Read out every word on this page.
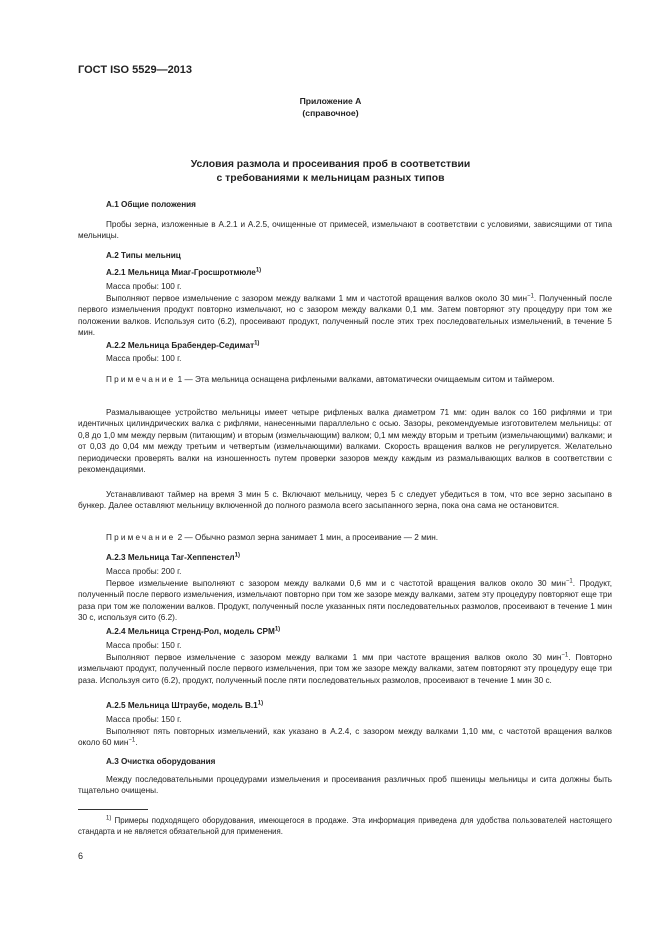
ГОСТ ISO 5529—2013
Приложение А
(справочное)
Условия размола и просеивания проб в соответствии
с требованиями к мельницам разных типов
А.1 Общие положения
Пробы зерна, изложенные в А.2.1 и А.2.5, очищенные от примесей, измельчают в соответствии с условиями, зависящими от типа мельницы.
А.2 Типы мельниц
А.2.1 Мельница Миаг-Гросшротмюле$^{1)}$
Масса пробы: 100 г.
Выполняют первое измельчение с зазором между валками 1 мм и частотой вращения валков около 30 мин$^{-1}$. Полученный после первого измельчения продукт повторно измельчают, но с зазором между валками 0,1 мм. Затем повторяют эту процедуру при том же положении валков. Используя сито (6.2), просеивают продукт, полученный после этих трех последовательных измельчений, в течение 5 мин.
А.2.2 Мельница Брабендер-Седимат$^{1)}$
Масса пробы: 100 г.
Примечание 1 — Эта мельница оснащена рифлеными валками, автоматически очищаемым ситом и таймером.
Размалывающее устройство мельницы имеет четыре рифленых валка диаметром 71 мм: один валок со 160 рифлями и три идентичных цилиндрических валка с рифлями, нанесенными параллельно с осью. Зазоры, рекомендуемые изготовителем мельницы: от 0,8 до 1,0 мм между первым (питающим) и вторым (измельчающим) валком; 0,1 мм между вторым и третьим (измельчающими) валками; и от 0,03 до 0,04 мм между третьим и четвертым (измельчающими) валками. Скорость вращения валков не регулируется. Желательно периодически проверять валки на изношенность путем проверки зазоров между каждым из размалывающих валков в соответствии с рекомендациями.
Устанавливают таймер на время 3 мин 5 с. Включают мельницу, через 5 с следует убедиться в том, что все зерно засыпано в бункер. Далее оставляют мельницу включенной до полного размола всего засыпанного зерна, пока она сама не остановится.
Примечание 2 — Обычно размол зерна занимает 1 мин, а просеивание — 2 мин.
А.2.3 Мельница Таг-Хеппенстел$^{1)}$
Масса пробы: 200 г.
Первое измельчение выполняют с зазором между валками 0,6 мм и с частотой вращения валков около 30 мин$^{-1}$. Продукт, полученный после первого измельчения, измельчают повторно при том же зазоре между валками, затем эту процедуру повторяют еще три раза при том же положении валков. Продукт, полученный после указанных пяти последовательных размолов, просеивают в течение 1 мин 30 с, используя сито (6.2).
А.2.4 Мельница Стренд-Рол, модель CPM$^{1)}$
Масса пробы: 150 г.
Выполняют первое измельчение с зазором между валками 1 мм при частоте вращения валков около 30 мин$^{-1}$. Повторно измельчают продукт, полученный после первого измельчения, при том же зазоре между валками, затем повторяют эту процедуру еще три раза. Используя сито (6.2), продукт, полученный после пяти последовательных размолов, просеивают в течение 1 мин 30 с.
А.2.5 Мельница Штраубе, модель В.1$^{1)}$
Масса пробы: 150 г.
Выполняют пять повторных измельчений, как указано в А.2.4, с зазором между валками 1,10 мм, с частотой вращения валков около 60 мин$^{-1}$.
А.3 Очистка оборудования
Между последовательными процедурами измельчения и просеивания различных проб пшеницы мельницы и сита должны быть тщательно очищены.
$^{1)}$ Примеры подходящего оборудования, имеющегося в продаже. Эта информация приведена для удобства пользователей настоящего стандарта и не является обязательной для применения.
6
